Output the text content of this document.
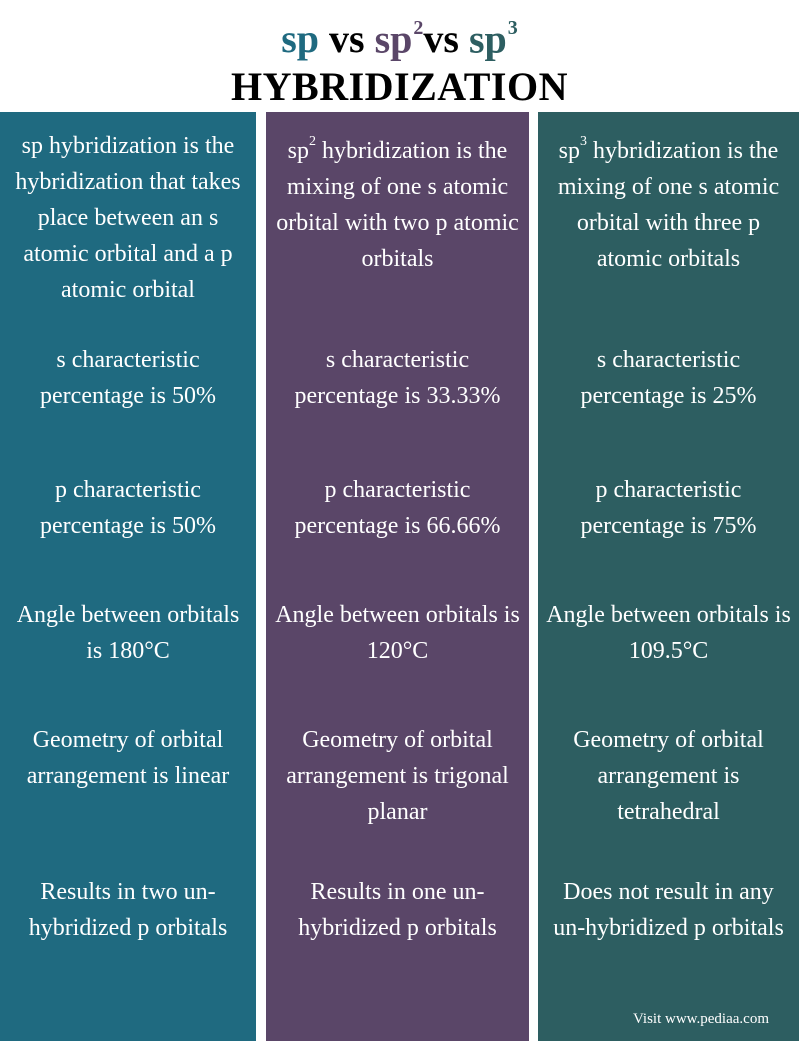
sp vs $sp^2vs$ $sp^3$
HYBRIDIZATION
sp hybridization is the hybridization that takes place between an s atomic orbital and a p atomic orbital
s characteristic percentage is 50%
p characteristic percentage is 50%
Angle between orbitals is 180°C
Geometry of orbital arrangement is linear
Results in two un-hybridized p orbitals
$sp^2$ hybridization is the mixing of one s atomic orbital with two p atomic orbitals
s characteristic percentage is 33.33%
p characteristic percentage is 66.66%
Angle between orbitals is 120°C
Geometry of orbital arrangement is trigonal planar
Results in one un-hybridized p orbitals
$sp^3$ hybridization is the mixing of one s atomic orbital with three p atomic orbitals
s characteristic percentage is 25%
p characteristic percentage is 75%
Angle between orbitals is 109.5°C
Geometry of orbital arrangement is tetrahedral
Does not result in any un-hybridized p orbitals
Visit www.pediaa.com
